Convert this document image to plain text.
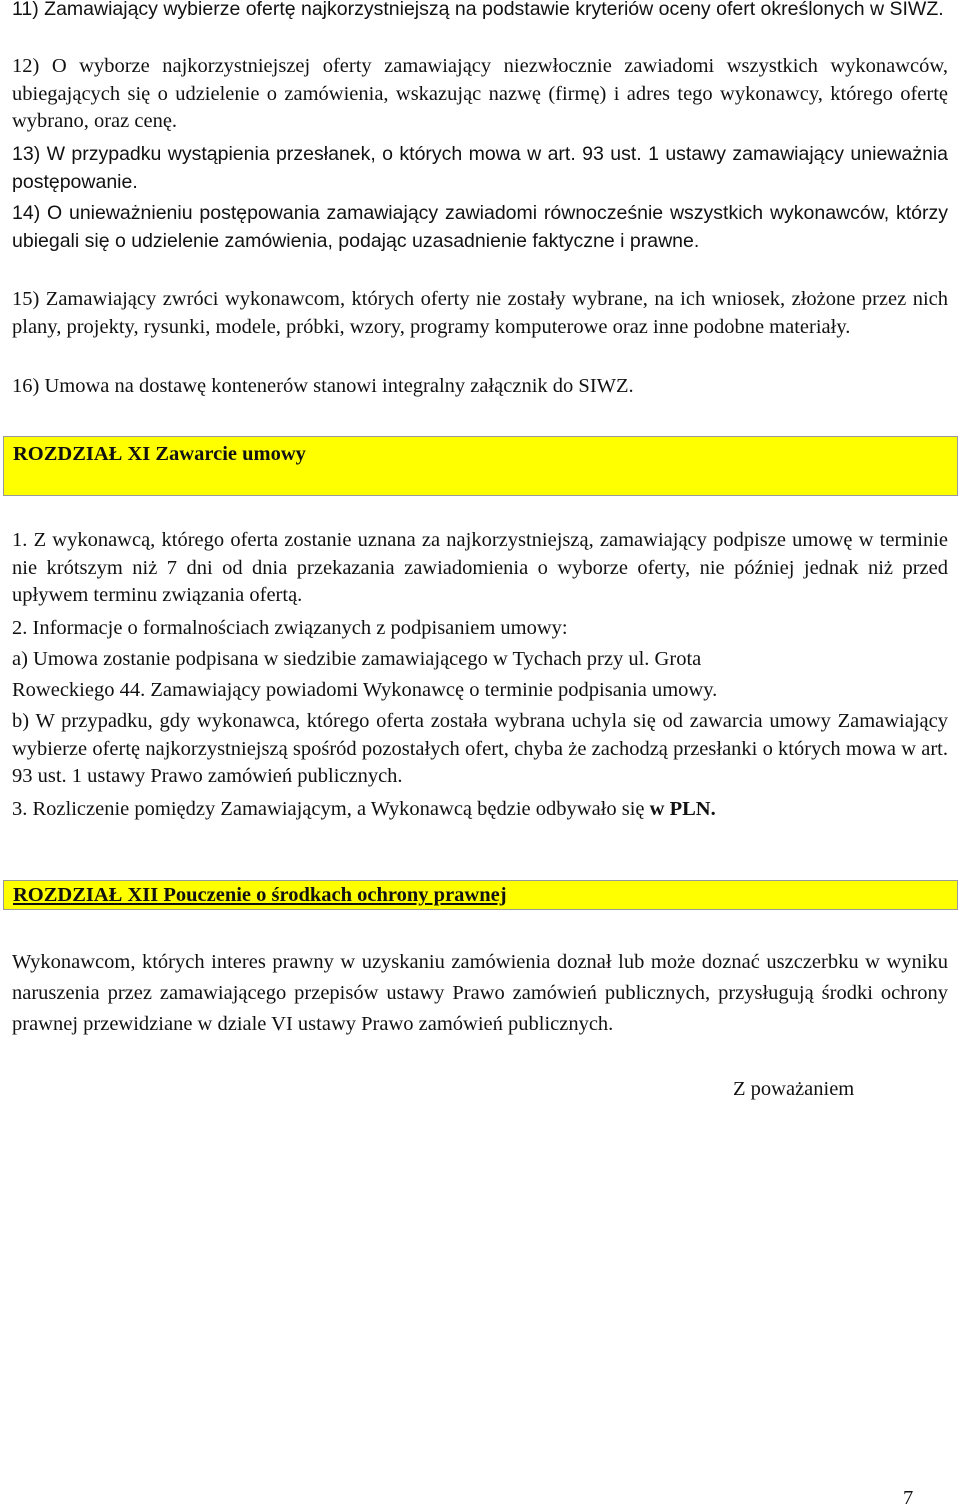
11) Zamawiający wybierze ofertę najkorzystniejszą na podstawie kryteriów oceny ofert określonych w SIWZ.

12) O wyborze najkorzystniejszej oferty zamawiający niezwłocznie zawiadomi wszystkich wykonawców, ubiegających się o udzielenie o zamówienia, wskazując nazwę (firmę) i adres tego wykonawcy, którego ofertę wybrano, oraz cenę.

13) W przypadku wystąpienia przesłanek, o których mowa w art. 93 ust. 1 ustawy zamawiający unieważnia postępowanie.

14) O unieważnieniu postępowania zamawiający zawiadomi równocześnie wszystkich wykonawców, którzy ubiegali się o udzielenie zamówienia, podając uzasadnienie faktyczne i prawne.

15) Zamawiający zwróci wykonawcom, których oferty nie zostały wybrane, na ich wniosek, złożone przez nich plany, projekty, rysunki, modele, próbki, wzory, programy komputerowe oraz inne podobne materiały.

16) Umowa na dostawę kontenerów stanowi integralny załącznik do SIWZ.

ROZDZIAŁ XI Zawarcie umowy

1. Z wykonawcą, którego oferta zostanie uznana za najkorzystniejszą, zamawiający podpisze umowę w terminie nie krótszym niż 7 dni od dnia przekazania zawiadomienia o wyborze oferty, nie później jednak niż przed upływem terminu związania ofertą.

2. Informacje o formalnościach związanych z podpisaniem umowy:

a) Umowa zostanie podpisana w siedzibie zamawiającego w Tychach przy ul. Grota

Roweckiego 44. Zamawiający powiadomi Wykonawcę o terminie podpisania umowy.

b) W przypadku, gdy wykonawca, którego oferta została wybrana uchyla się od zawarcia umowy Zamawiający wybierze ofertę najkorzystniejszą spośród pozostałych ofert, chyba że zachodzą przesłanki o których mowa w art. 93 ust. 1 ustawy Prawo zamówień publicznych.

3. Rozliczenie pomiędzy Zamawiającym, a Wykonawcą będzie odbywało się w PLN.

ROZDZIAŁ XII Pouczenie o środkach ochrony prawnej

Wykonawcom, których interes prawny w uzyskaniu zamówienia doznał lub może doznać uszczerbku w wyniku naruszenia przez zamawiającego przepisów ustawy Prawo zamówień publicznych, przysługują środki ochrony prawnej przewidziane w dziale VI ustawy Prawo zamówień publicznych.

Z poważaniem
7
